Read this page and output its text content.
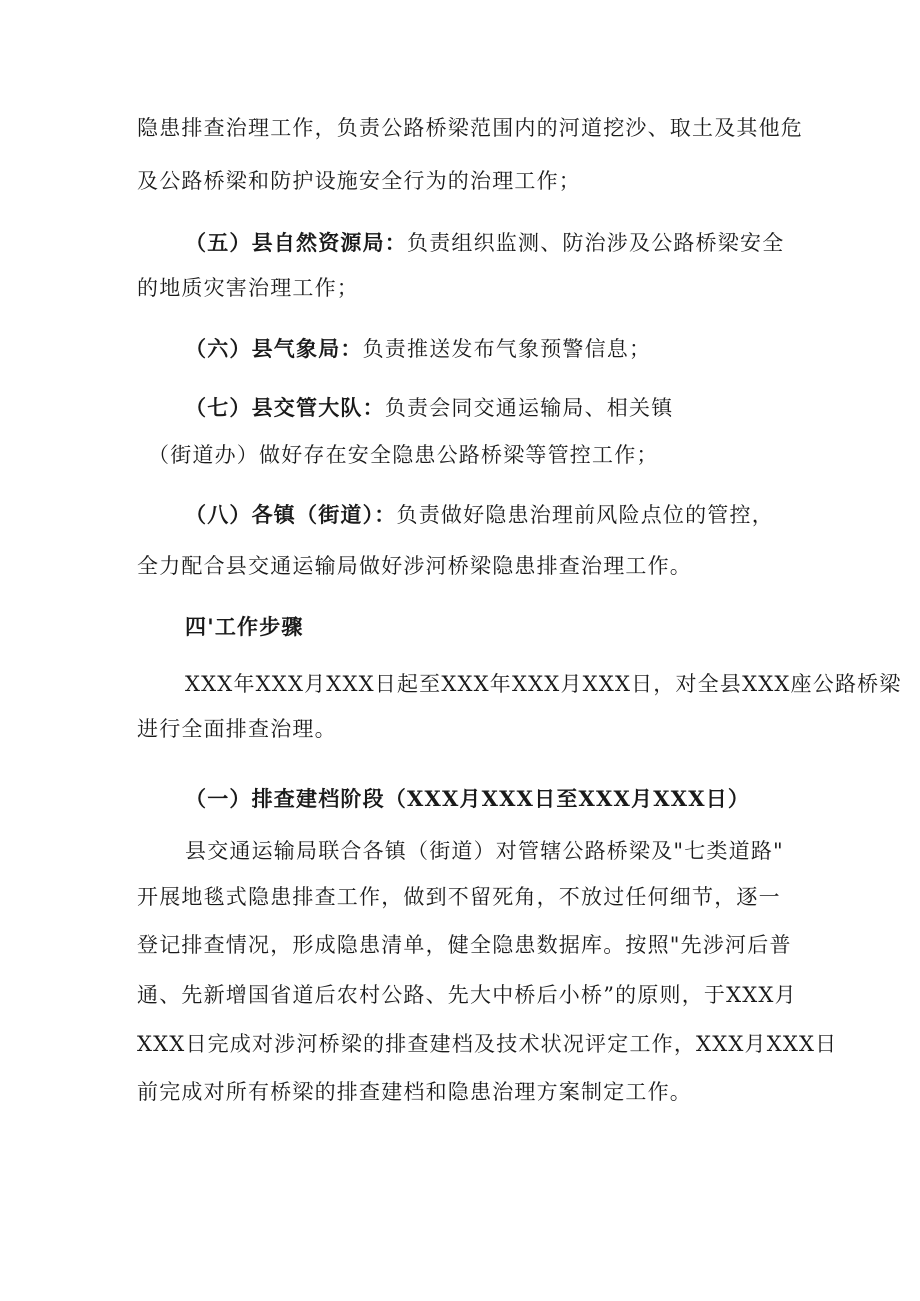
隐患排查治理工作，负责公路桥梁范围内的河道挖沙、取土及其他危
及公路桥梁和防护设施安全行为的治理工作；
（五）县自然资源局：负责组织监测、防治涉及公路桥梁安全
的地质灾害治理工作；
（六）县气象局：负责推送发布气象预警信息；
（七）县交管大队：负责会同交通运输局、相关镇
（街道办）做好存在安全隐患公路桥梁等管控工作；
（八）各镇（街道）：负责做好隐患治理前风险点位的管控，
全力配合县交通运输局做好涉河桥梁隐患排查治理工作。
四'工作步骤
XXX年XXX月XXX日起至XXX年XXX月XXX日，对全县XXX座公路桥梁
进行全面排查治理。
（一）排查建档阶段（XXX月XXX日至XXX月XXX日）
县交通运输局联合各镇（街道）对管辖公路桥梁及"七类道路"
开展地毯式隐患排查工作，做到不留死角，不放过任何细节，逐一
登记排查情况，形成隐患清单，健全隐患数据库。按照"先涉河后普
通、先新增国省道后农村公路、先大中桥后小桥”的原则，于XXX月
XXX日完成对涉河桥梁的排查建档及技术状况评定工作，XXX月XXX日
前完成对所有桥梁的排查建档和隐患治理方案制定工作。
